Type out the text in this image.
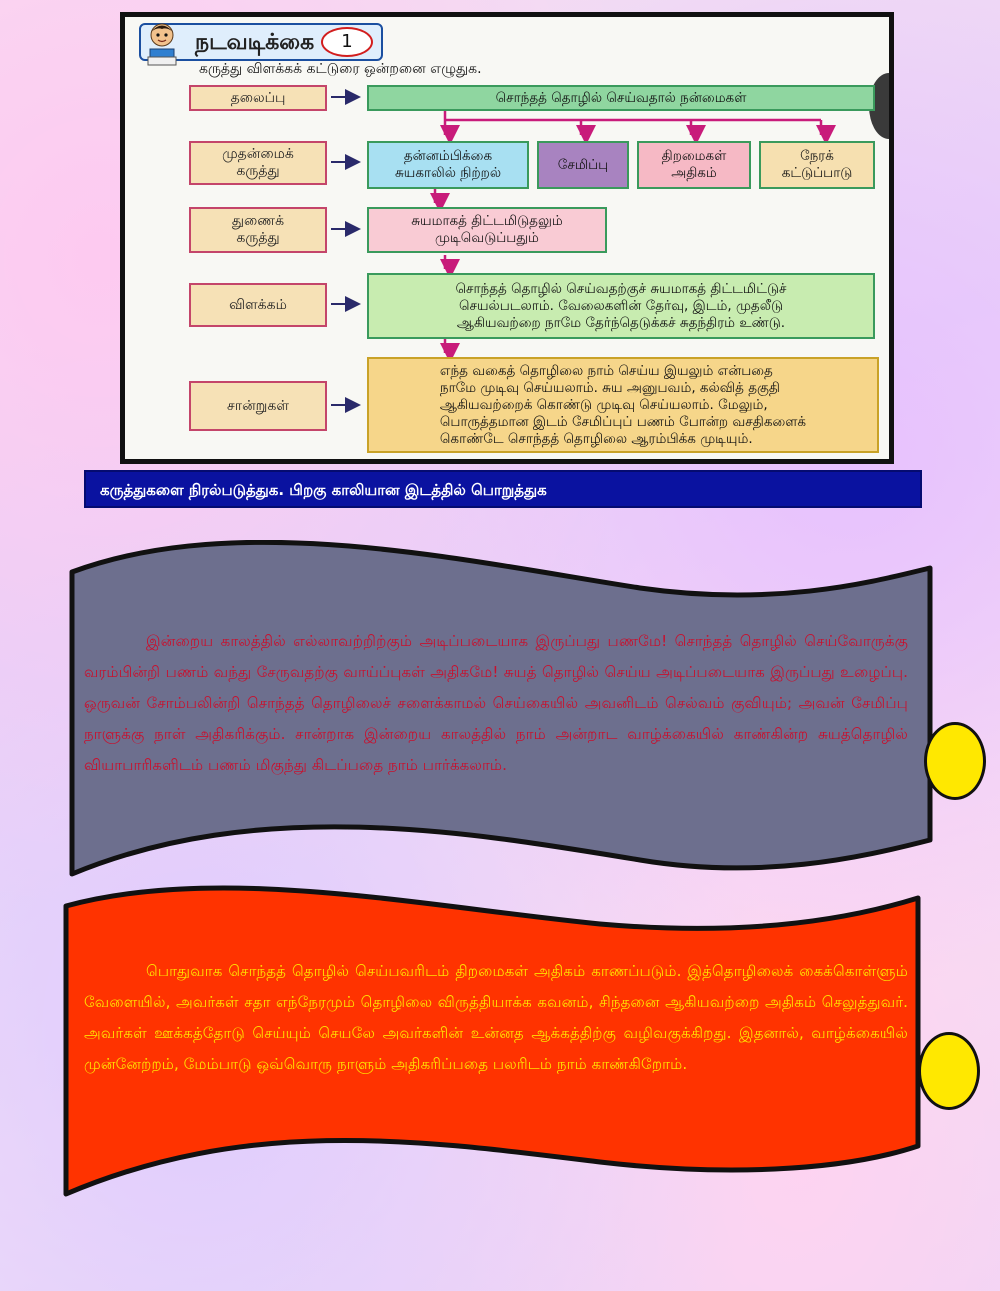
நடவடிக்கை	1
கருத்து விளக்கக் கட்டுரை ஒன்றனை எழுதுக.
தலைப்பு	சொந்தத் தொழில் செய்வதால் நன்மைகள்
முதன்மைக்
கருத்து
தன்னம்பிக்கை
சுயகாலில் நிற்றல்
சேமிப்பு
திறமைகள்
அதிகம்
நேரக்
கட்டுப்பாடு
துணைக்
கருத்து
சுயமாகத் திட்டமிடுதலும்
முடிவெடுப்பதும்
விளக்கம்
சொந்தத் தொழில் செய்வதற்குச் சுயமாகத் திட்டமிட்டுச்
செயல்படலாம். வேலைகளின் தேர்வு, இடம், முதலீடு
ஆகியவற்றை நாமே தேர்ந்தெடுக்கச் சுதந்திரம் உண்டு.
சான்றுகள்
எந்த வகைத் தொழிலை நாம் செய்ய இயலும் என்பதை
நாமே முடிவு செய்யலாம். சுய அனுபவம், கல்வித் தகுதி
ஆகியவற்றைக் கொண்டு முடிவு செய்யலாம். மேலும்,
பொருத்தமான இடம் சேமிப்புப் பணம் போன்ற வசதிகளைக்
கொண்டே சொந்தத் தொழிலை ஆரம்பிக்க முடியும்.
கருத்துகளை நிரல்படுத்துக. பிறகு காலியான இடத்தில் பொறுத்துக
இன்றைய காலத்தில் எல்லாவற்றிற்கும் அடிப்படையாக இருப்பது பணமே! சொந்தத் தொழில் செய்வோருக்கு வரம்பின்றி பணம் வந்து சேருவதற்கு வாய்ப்புகள் அதிகமே! சுயத் தொழில் செய்ய அடிப்படையாக இருப்பது உழைப்பு. ஒருவன் சோம்பலின்றி சொந்தத் தொழிலைச் சளைக்காமல் செய்கையில் அவனிடம் செல்வம் குவியும்; அவன் சேமிப்பு நாளுக்கு நாள் அதிகரிக்கும். சான்றாக இன்றைய காலத்தில் நாம் அன்றாட வாழ்க்கையில் காண்கின்ற சுயத்தொழில் வியாபாரிகளிடம் பணம் மிகுந்து கிடப்பதை நாம் பார்க்கலாம்.
பொதுவாக சொந்தத் தொழில் செய்பவரிடம் திறமைகள் அதிகம் காணப்படும். இத்தொழிலைக் கைக்கொள்ளும் வேளையில், அவர்கள் சதா எந்நேரமும் தொழிலை விருத்தியாக்க கவனம், சிந்தனை ஆகியவற்றை அதிகம் செலுத்துவர். அவர்கள் ஊக்கத்தோடு செய்யும் செயலே அவர்களின் உன்னத ஆக்கத்திற்கு வழிவகுக்கிறது. இதனால், வாழ்க்கையில் முன்னேற்றம், மேம்பாடு ஒவ்வொரு நாளும் அதிகரிப்பதை பலரிடம் நாம் காண்கிறோம்.
